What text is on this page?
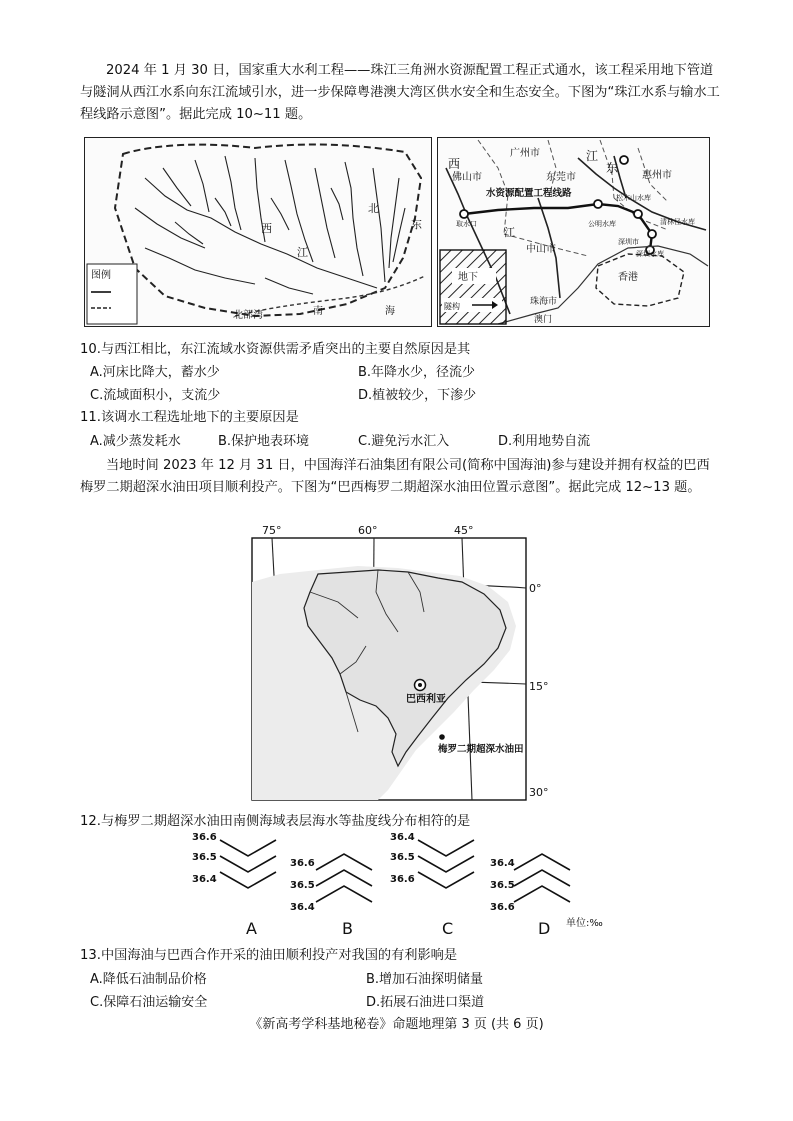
2024 年 1 月 30 日，国家重大水利工程——珠江三角洲水资源配置工程正式通水，该工程采用地下管道与隧洞从西江水系向东江流域引水，进一步保障粤港澳大湾区供水安全和生态安全。下图为“珠江水系与输水工程线路示意图”。据此完成 10~11 题。
西
江
北
东
北部湾	南	海
图例	地下
隧构
西
江
江
东
广州市
佛山市	东莞市	惠州市
水资源配置工程线路
取水口
松木山水库
公明水库	清林径水库
深圳市
深圳水库
中山市
香港
珠海市
澳门
10.与西江相比，东江流域水资源供需矛盾突出的主要自然原因是其
A.河床比降大，蓄水少	B.年降水少，径流少
C.流域面积小，支流少	D.植被较少，下渗少
11.该调水工程选址地下的主要原因是
A.减少蒸发耗水	B.保护地表环境	C.避免污水汇入	D.利用地势自流
当地时间 2023 年 12 月 31 日，中国海洋石油集团有限公司(简称中国海油)参与建设并拥有权益的巴西梅罗二期超深水油田项目顺利投产。下图为“巴西梅罗二期超深水油田位置示意图”。据此完成 12~13 题。
巴西利亚
梅罗二期超深水油田
75°	60°	45°
0°
15°
30°
12.与梅罗二期超深水油田南侧海域表层海水等盐度线分布相符的是
36.6
36.5
36.4
36.6
36.5
36.4
36.4
36.5
36.6
36.4
36.5
36.6
A	B	C	D 单位:‰
13.中国海油与巴西合作开采的油田顺利投产对我国的有利影响是
A.降低石油制品价格	B.增加石油探明储量
C.保障石油运输安全	D.拓展石油进口渠道
《新高考学科基地秘卷》命题地理第 3 页 (共 6 页)
